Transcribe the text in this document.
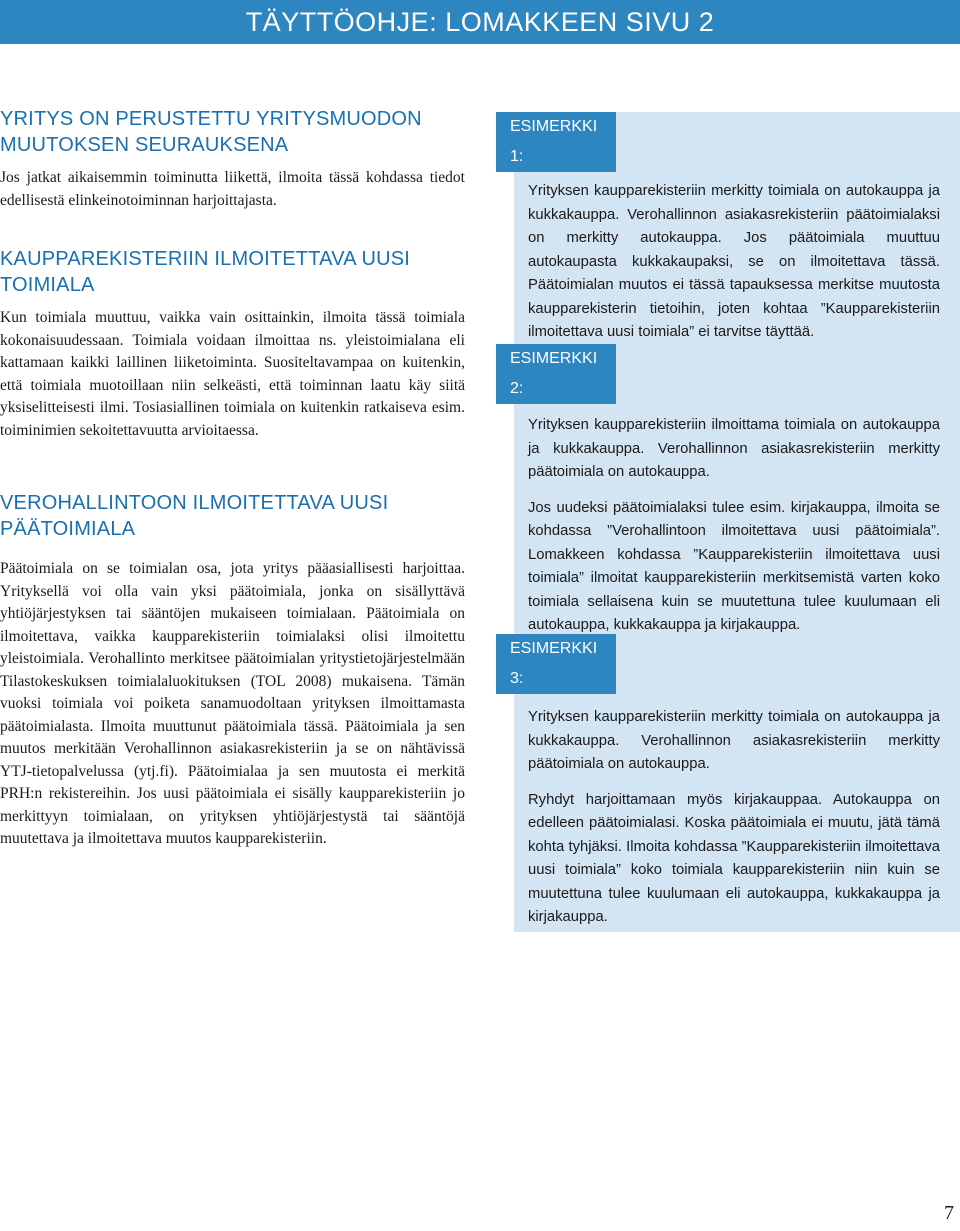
TÄYTTÖOHJE: LOMAKKEEN SIVU 2
YRITYS ON PERUSTETTU YRITYSMUODON MUUTOKSEN SEURAUKSENA

Jos jatkat aikaisemmin toiminutta liikettä, ilmoita tässä kohdassa tiedot edellisestä elinkeinotoiminnan harjoittajasta.

KAUPPAREKISTERIIN ILMOITETTAVA UUSI TOIMIALA

Kun toimiala muuttuu, vaikka vain osittainkin, ilmoita tässä toimiala kokonaisuudessaan. Toimiala voidaan ilmoittaa ns. yleistoimialana eli kattamaan kaikki laillinen liiketoiminta. Suositeltavampaa on kuitenkin, että toimiala muotoillaan niin selkeästi, että toiminnan laatu käy siitä yksiselitteisesti ilmi. Tosiasiallinen toimiala on kuitenkin ratkaiseva esim. toiminimien sekoitettavuutta arvioitaessa.

VEROHALLINTOON ILMOITETTAVA UUSI PÄÄTOIMIALA

Päätoimiala on se toimialan osa, jota yritys pääasiallisesti harjoittaa. Yrityksellä voi olla vain yksi päätoimiala, jonka on sisällyttävä yhtiöjärjestyksen tai sääntöjen mukaiseen toimialaan. Päätoimiala on ilmoitettava, vaikka kaupparekisteriin toimialaksi olisi ilmoitettu yleistoimiala. Verohallinto merkitsee päätoimialan yritystietojärjestelmään Tilastokeskuksen toimialaluokituksen (TOL 2008) mukaisena. Tämän vuoksi toimiala voi poiketa sanamuodoltaan yrityksen ilmoittamasta päätoimialasta. Ilmoita muuttunut päätoimiala tässä. Päätoimiala ja sen muutos merkitään Verohallinnon asiakasrekisteriin ja se on nähtävissä YTJ-tietopalvelussa (ytj.fi). Päätoimialaa ja sen muutosta ei merkitä PRH:n rekistereihin. Jos uusi päätoimiala ei sisälly kaupparekisteriin jo merkittyyn toimialaan, on yrityksen yhtiöjärjestystä tai sääntöjä muutettava ja ilmoitettava muutos kaupparekisteriin.

ESIMERKKI 1:

Yrityksen kaupparekisteriin merkitty toimiala on autokauppa ja kukkakauppa. Verohallinnon asiakasrekisteriin päätoimialaksi on merkitty autokauppa. Jos päätoimiala muuttuu autokaupasta kukkakaupaksi, se on ilmoitettava tässä. Päätoimialan muutos ei tässä tapauksessa merkitse muutosta kaupparekisterin tietoihin, joten kohtaa ”Kaupparekisteriin ilmoitettava uusi toimiala” ei tarvitse täyttää.

ESIMERKKI 2:

Yrityksen kaupparekisteriin ilmoittama toimiala on autokauppa ja kukkakauppa. Verohallinnon asiakasrekisteriin merkitty päätoimiala on autokauppa.

Jos uudeksi päätoimialaksi tulee esim. kirjakauppa, ilmoita se kohdassa ”Verohallintoon ilmoitettava uusi päätoimiala”. Lomakkeen kohdassa ”Kaupparekisteriin ilmoitettava uusi toimiala” ilmoitat kaupparekisteriin merkitsemistä varten koko toimiala sellaisena kuin se muutettuna tulee kuulumaan eli autokauppa, kukkakauppa ja kirjakauppa.

ESIMERKKI 3:

Yrityksen kaupparekisteriin merkitty toimiala on autokauppa ja kukkakauppa. Verohallinnon asiakasrekisteriin merkitty päätoimiala on autokauppa.

Ryhdyt harjoittamaan myös kirjakauppaa. Autokauppa on edelleen päätoimialasi. Koska päätoimiala ei muutu, jätä tämä kohta tyhjäksi. Ilmoita kohdassa ”Kaupparekisteriin ilmoitettava uusi toimiala” koko toimiala kaupparekisteriin niin kuin se muutettuna tulee kuulumaan eli autokauppa, kukkakauppa ja kirjakauppa.

7
